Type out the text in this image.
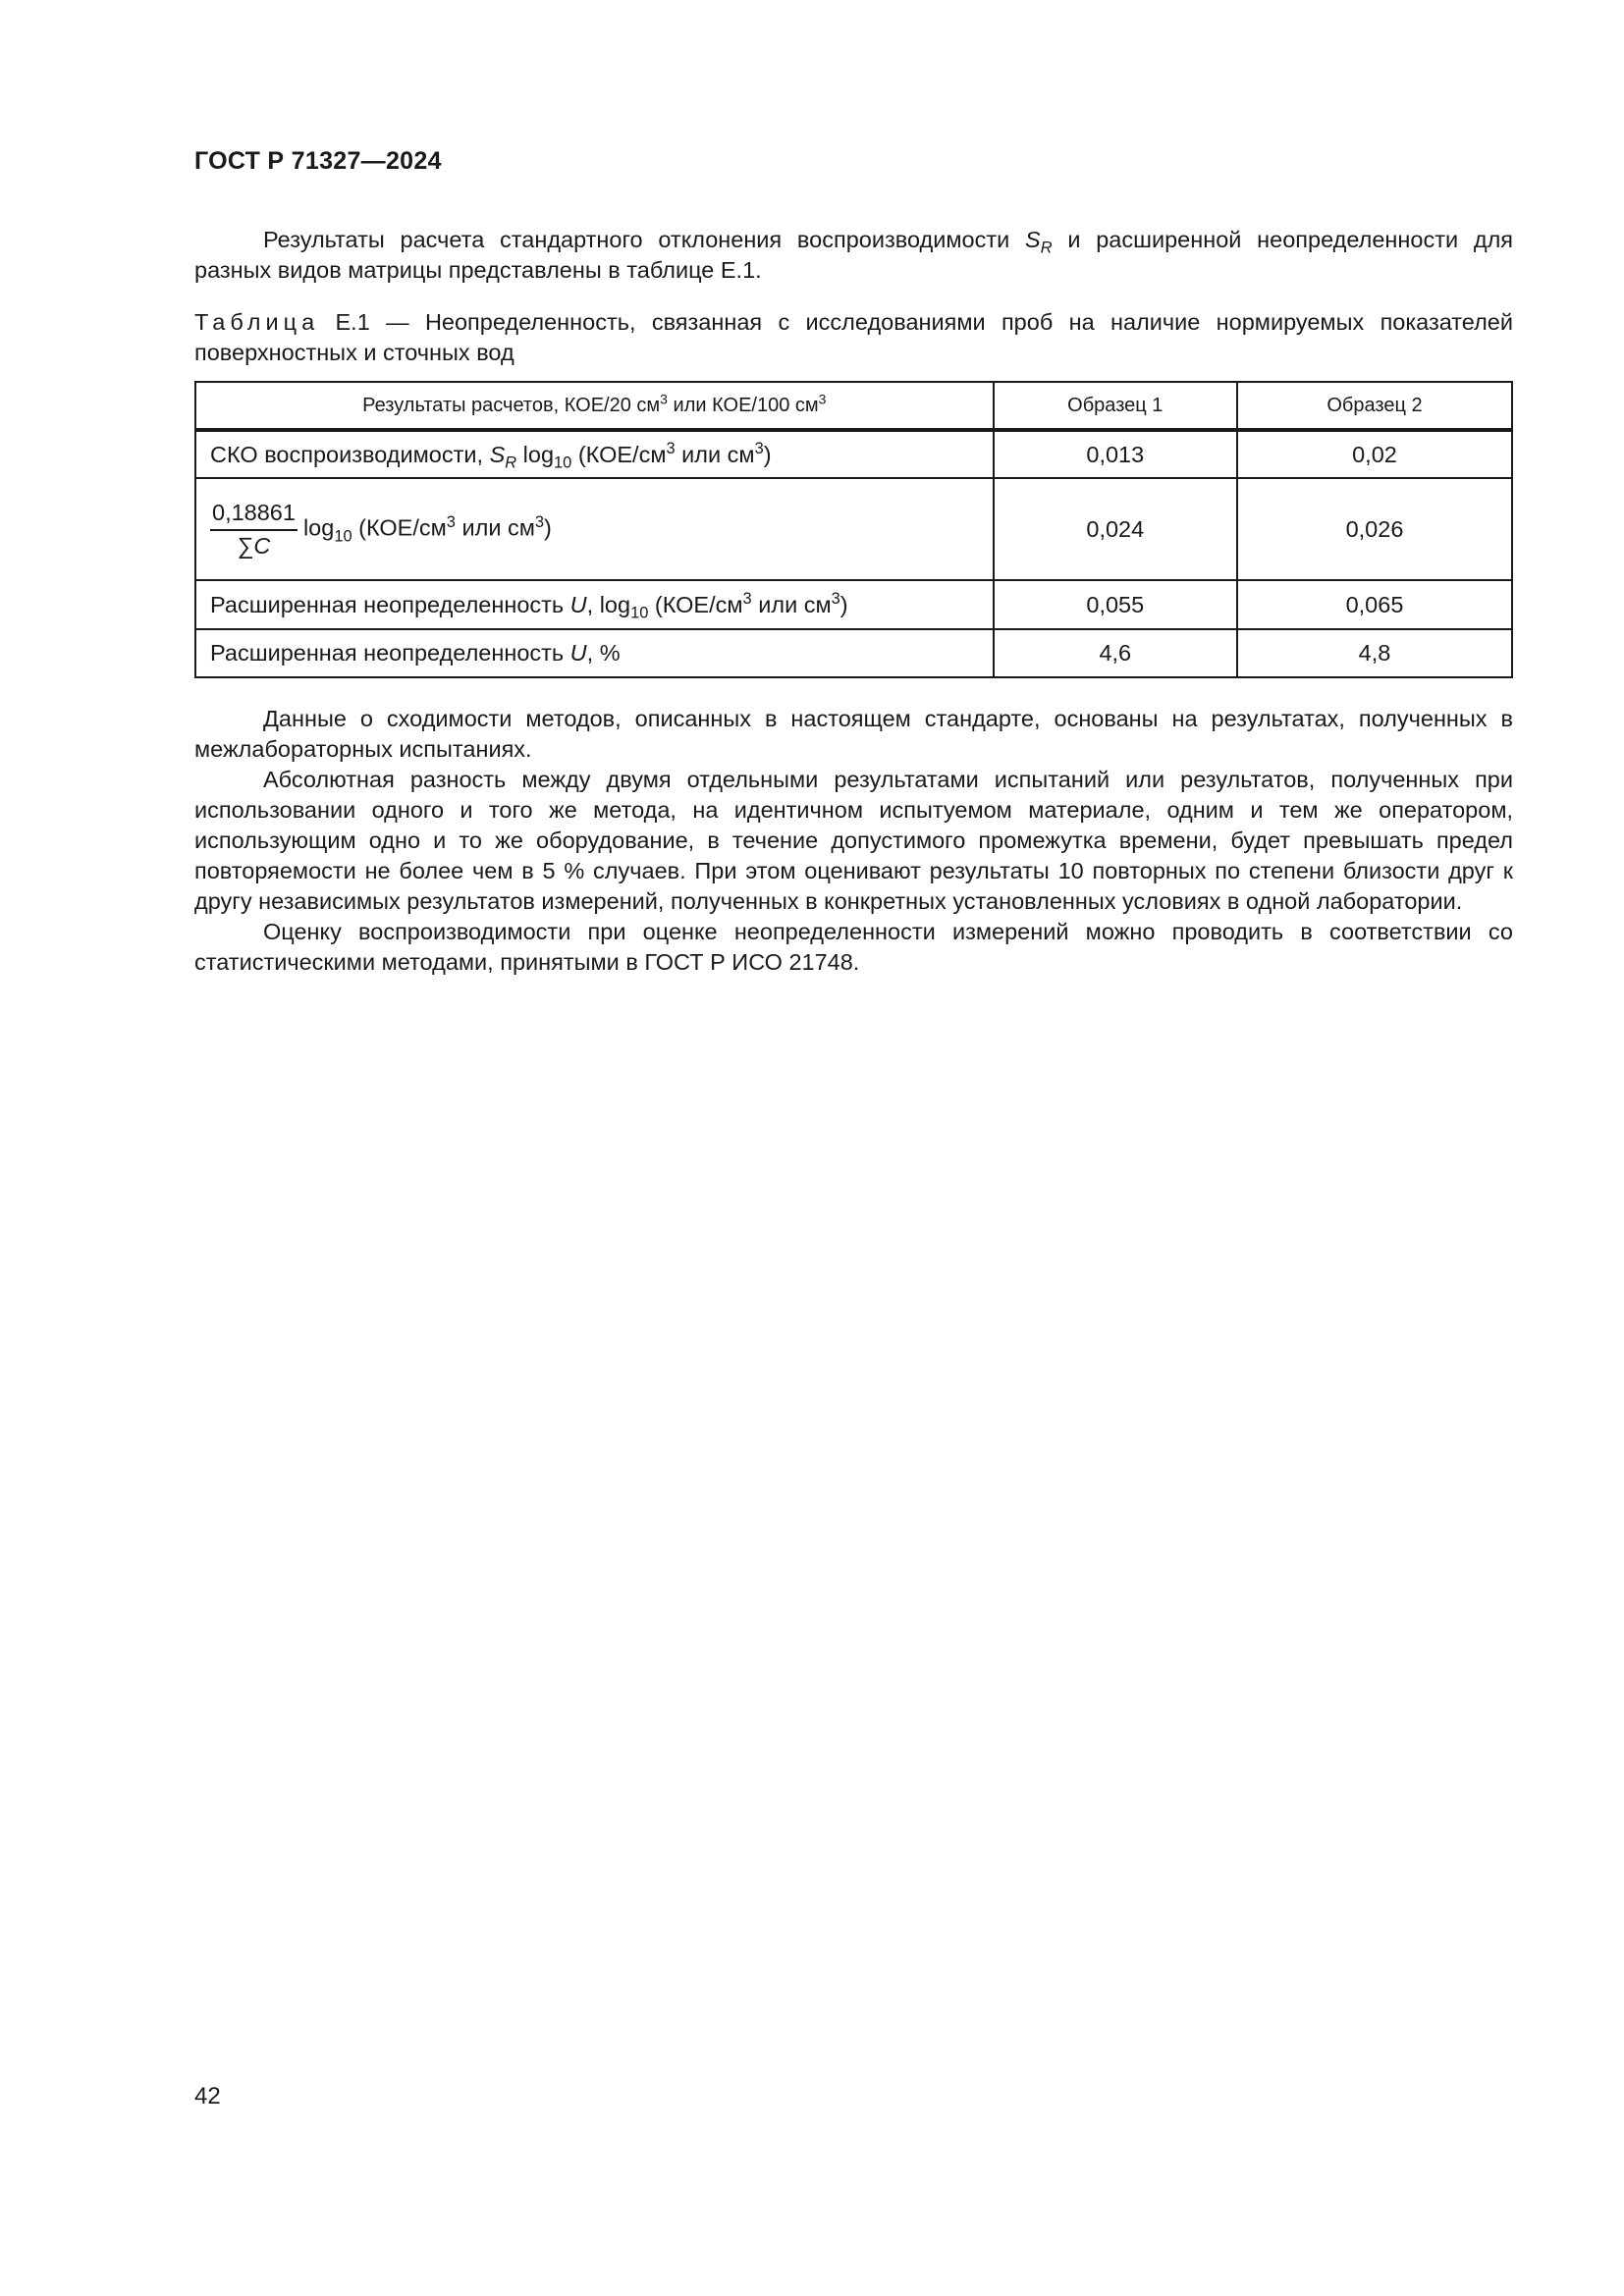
ГОСТ Р 71327—2024

Результаты расчета стандартного отклонения воспроизводимости $S_R$ и расширенной неопределенности для разных видов матрицы представлены в таблице Е.1.

Таблица Е.1 — Неопределенность, связанная с исследованиями проб на наличие нормируемых показателей поверхностных и сточных вод
Результаты расчетов, КОЕ/20 $см^3$ или КОЕ/100 $см^3$	Образец 1	Образец 2
СКО воспроизводимости, $S_R$ $\log_{10} (КОЕ/см^3$ или $см^3$)	0,013	0,02

$\frac{0,18861}{\sum C} \log_{10} (КОЕ/см^3$ или $см^3$)	0,024	0,026
Расширенная неопределенность U, $\log_{10} (КОЕ/см^3$ или $см^3$)	0,055	0,065
Расширенная неопределенность U, %	4,6	4,8

Данные о сходимости методов, описанных в настоящем стандарте, основаны на результатах, полученных в межлабораторных испытаниях.

Абсолютная разность между двумя отдельными результатами испытаний или результатов, полученных при использовании одного и того же метода, на идентичном испытуемом материале, одним и тем же оператором, использующим одно и то же оборудование, в течение допустимого промежутка времени, будет превышать предел повторяемости не более чем в 5 % случаев. При этом оценивают результаты 10 повторных по степени близости друг к другу независимых результатов измерений, полученных в конкретных установленных условиях в одной лаборатории.

Оценку воспроизводимости при оценке неопределенности измерений можно проводить в соответствии со статистическими методами, принятыми в ГОСТ Р ИСО 21748.

42
